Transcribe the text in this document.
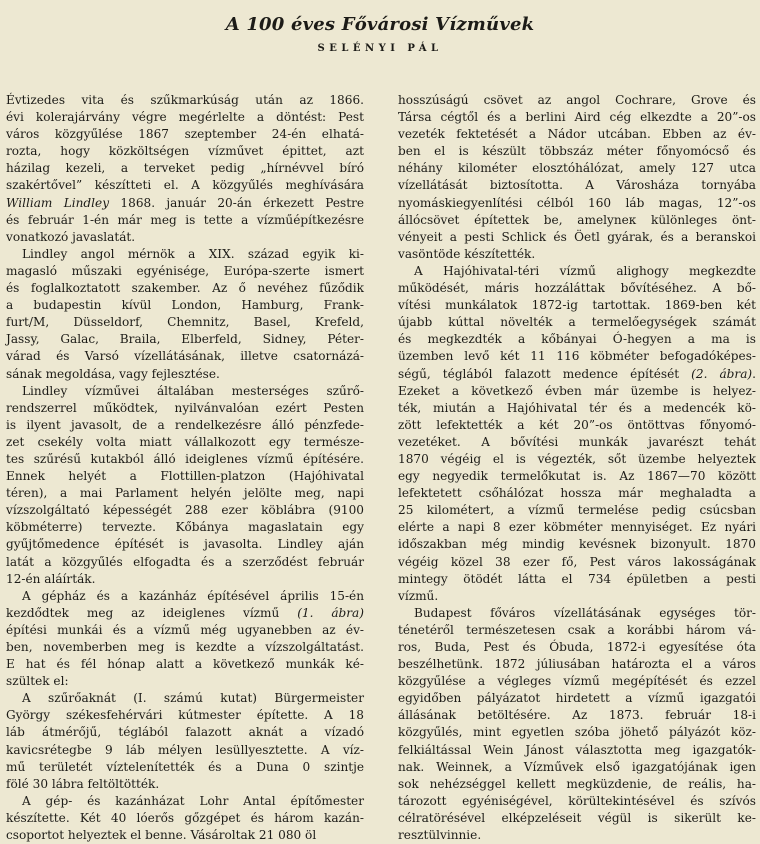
A 100 éves Fővárosi Vízművek
SELÉNYI PÁL

Évtizedes vita és szűkmarkúság után az 1866.
évi kolerajárvány végre megérlelte a döntést: Pest
város közgyűlése 1867 szeptember 24-én elhatá-
rozta, hogy közköltségen vízművet épittet, azt
házilag kezeli, a terveket pedig „hírnévvel bíró
szakértővel” készítteti el. A közgyűlés meghívására
William Lindley 1868. január 20-án érkezett Pestre
és február 1-én már meg is tette a vízműépítkezésre
vonatkozó javaslatát.

Lindley angol mérnök a XIX. század egyik ki-
magasló műszaki egyénisége, Európa-szerte ismert
és foglalkoztatott szakember. Az ő nevéhez fűződik
a budapestin kívül London, Hamburg, Frank-
furt/M, Düsseldorf, Chemnitz, Basel, Krefeld,
Jassy, Galac, Braila, Elberfeld, Sidney, Péter-
várad és Varsó vízellátásának, illetve csatornázá-
sának megoldása, vagy fejlesztése.

Lindley vízművei általában mesterséges szűrő-
rendszerrel működtek, nyilvánvalóan ezért Pesten
is ilyent javasolt, de a rendelkezésre álló pénzfede-
zet csekély volta miatt vállalkozott egy természe-
tes szűrésű kutakból álló ideiglenes vízmű építésére.
Ennek helyét a Flottillen-platzon (Hajóhivatal
téren), a mai Parlament helyén jelölte meg, napi
vízszolgáltató képességét 288 ezer köblábra (9100
köbméterre) tervezte. Kőbánya magaslatain egy
gyűjtőmedence építését is javasolta. Lindley aján
latát a közgyűlés elfogadta és a szerződést február
12-én aláírták.

A gépház és a kazánház építésével április 15-én
kezdődtek meg az ideiglenes vízmű (1. ábra)
építési munkái és a vízmű még ugyanebben az év-
ben, novemberben meg is kezdte a vízszolgáltatást.
E hat és fél hónap alatt a következő munkák ké-
szültek el:

A szűrőaknát (I. számú kutat) Bürgermeister
György székesfehérvári kútmester építette. A 18
láb átmérőjű, téglából falazott aknát a vízadó
kavicsrétegbe 9 láb mélyen lesüllyesztette. A víz-
mű területét víztelenítették és a Duna 0 szintje
fölé 30 lábra feltöltötték.

A gép- és kazánházat Lohr Antal építőmester
készítette. Két 40 lóerős gőzgépet és három kazán-
csoportot helyeztek el benne. Vásároltak 21 080 öl

hosszúságú csövet az angol Cochrare, Grove és
Társa cégtől és a berlini Aird cég elkezdte a 20”-os
vezeték fektetését a Nádor utcában. Ebben az év-
ben el is készült többszáz méter főnyomócső és
néhány kilométer elosztóhálózat, amely 127 utca
vízellátását biztosította. A Városháza tornyába
nyomáskiegyenlítési célból 160 láb magas, 12”-os
állócsövet építettek be, amelyneк különleges önt-
vényeit a pesti Schlick és Öetl gyárak, és a beranskoi
vasöntöde készítették.

A Hajóhivatal-téri vízmű alighogy megkezdte
működését, máris hozzáláttak bővítéséhez. A bő-
vítési munkálatok 1872-ig tartottak. 1869-ben két
újabb kúttal növelték a termelőegységek számát
és megkezdték a kőbányai Ó-hegyen a ma is
üzemben levő két 11 116 köbméter befogadóképes-
ségű, téglából falazott medence építését (2. ábra).
Ezeket a következő évben már üzembe is helyez-
ték, miután a Hajóhivatal tér és a medencék kö-
zött lefektették a két 20”-os öntöttvas főnyomó-
vezetéket. A bővítési munkák javarészt tehát
1870 végéig el is végezték, sőt üzembe helyeztek
egy negyedik termelőkutat is. Az 1867—70 között
lefektetett csőhálózat hossza már meghaladta a
25 kilométert, a vízmű termelése pedig csúcsban
elérte a napi 8 ezer köbméter mennyiséget. Ez nyári
időszakban még mindig kevésnek bizonyult. 1870
végéig közel 38 ezer fő, Pest város lakosságának
mintegy ötödét látta el 734 épületben a pesti
vízmű.

Budapest főváros vízellátásának egységes tör-
ténetéről természetesen csak a korábbi három vá-
ros, Buda, Pest és Óbuda, 1872-i egyesítése óta
beszélhetünk. 1872 júliusában határozta el a város
közgyűlése a végleges vízmű megépítését és ezzel
egyidőben pályázatot hirdetett a vízmű igazgatói
állásának betöltésére. Az 1873. február 18-i
közgyűlés, mint egyetlen szóba jöhető pályázót köz-
felkiáltással Wein Jánost választotta meg igazgatók-
nak. Weinnek, a Vízművek első igazgatójának igen
sok nehézséggel kellett megküzdenie, de reális, ha-
tározott egyéniségével, körültekintésével és szívós
célratörésével elképzeléseit végül is sikerült ke-
resztülvinnie.
